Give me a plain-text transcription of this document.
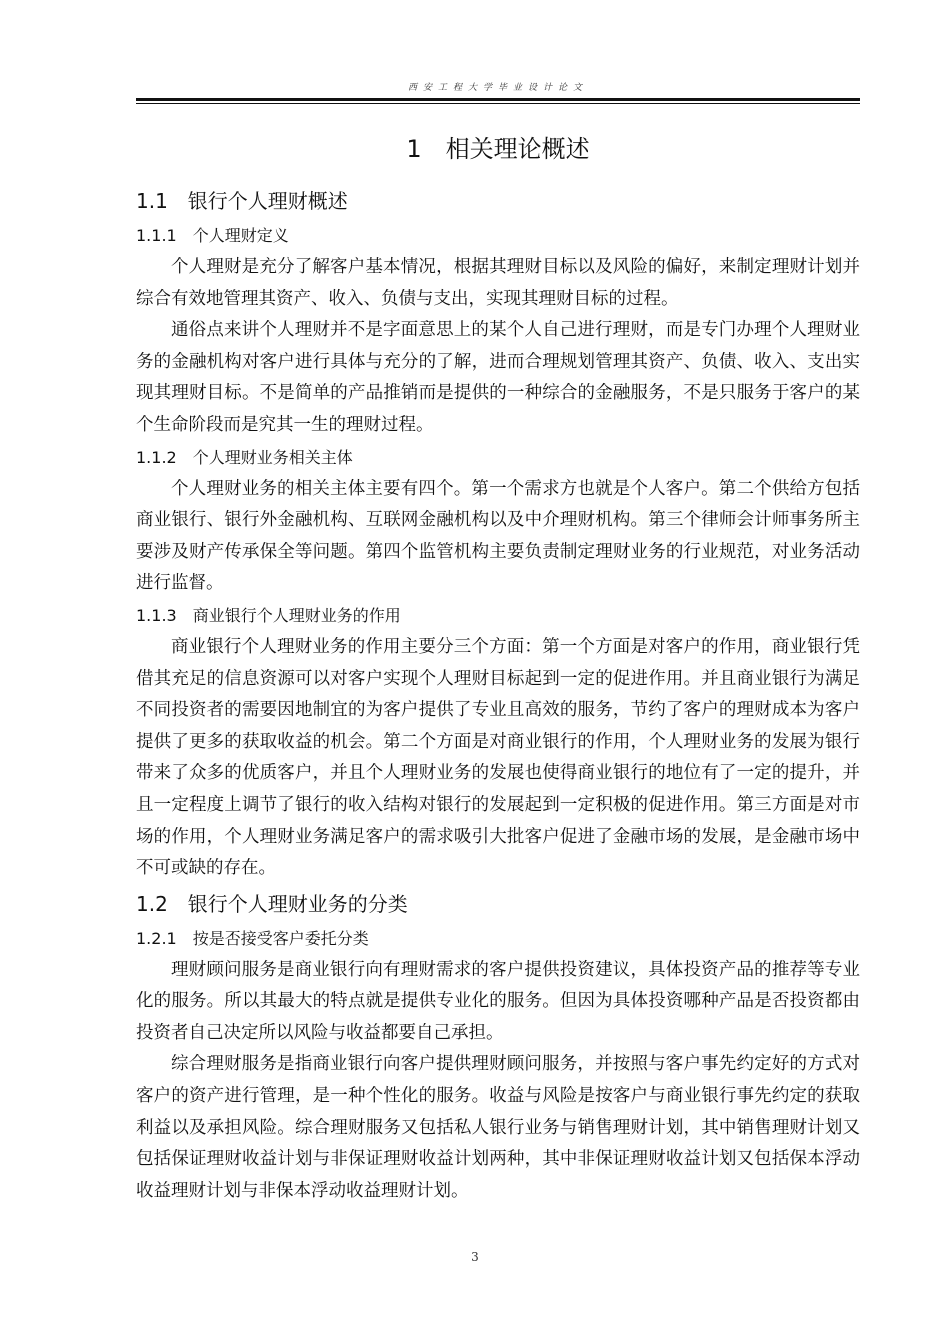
西安工程大学毕业设计论文
1　相关理论概述
1.1　银行个人理财概述
1.1.1　个人理财定义

个人理财是充分了解客户基本情况，根据其理财目标以及风险的偏好，来制定理财计划并综合有效地管理其资产、收入、负债与支出，实现其理财目标的过程。

通俗点来讲个人理财并不是字面意思上的某个人自己进行理财，而是专门办理个人理财业务的金融机构对客户进行具体与充分的了解，进而合理规划管理其资产、负债、收入、支出实现其理财目标。不是简单的产品推销而是提供的一种综合的金融服务，不是只服务于客户的某个生命阶段而是究其一生的理财过程。

1.1.2　个人理财业务相关主体

个人理财业务的相关主体主要有四个。第一个需求方也就是个人客户。第二个供给方包括商业银行、银行外金融机构、互联网金融机构以及中介理财机构。第三个律师会计师事务所主要涉及财产传承保全等问题。第四个监管机构主要负责制定理财业务的行业规范，对业务活动进行监督。

1.1.3　商业银行个人理财业务的作用

商业银行个人理财业务的作用主要分三个方面：第一个方面是对客户的作用，商业银行凭借其充足的信息资源可以对客户实现个人理财目标起到一定的促进作用。并且商业银行为满足不同投资者的需要因地制宜的为客户提供了专业且高效的服务，节约了客户的理财成本为客户提供了更多的获取收益的机会。第二个方面是对商业银行的作用，个人理财业务的发展为银行带来了众多的优质客户，并且个人理财业务的发展也使得商业银行的地位有了一定的提升，并且一定程度上调节了银行的收入结构对银行的发展起到一定积极的促进作用。第三方面是对市场的作用，个人理财业务满足客户的需求吸引大批客户促进了金融市场的发展，是金融市场中不可或缺的存在。

1.2　银行个人理财业务的分类
1.2.1　按是否接受客户委托分类

理财顾问服务是商业银行向有理财需求的客户提供投资建议，具体投资产品的推荐等专业化的服务。所以其最大的特点就是提供专业化的服务。但因为具体投资哪种产品是否投资都由投资者自己决定所以风险与收益都要自己承担。

综合理财服务是指商业银行向客户提供理财顾问服务，并按照与客户事先约定好的方式对客户的资产进行管理，是一种个性化的服务。收益与风险是按客户与商业银行事先约定的获取利益以及承担风险。综合理财服务又包括私人银行业务与销售理财计划，其中销售理财计划又包括保证理财收益计划与非保证理财收益计划两种，其中非保证理财收益计划又包括保本浮动收益理财计划与非保本浮动收益理财计划。

3
